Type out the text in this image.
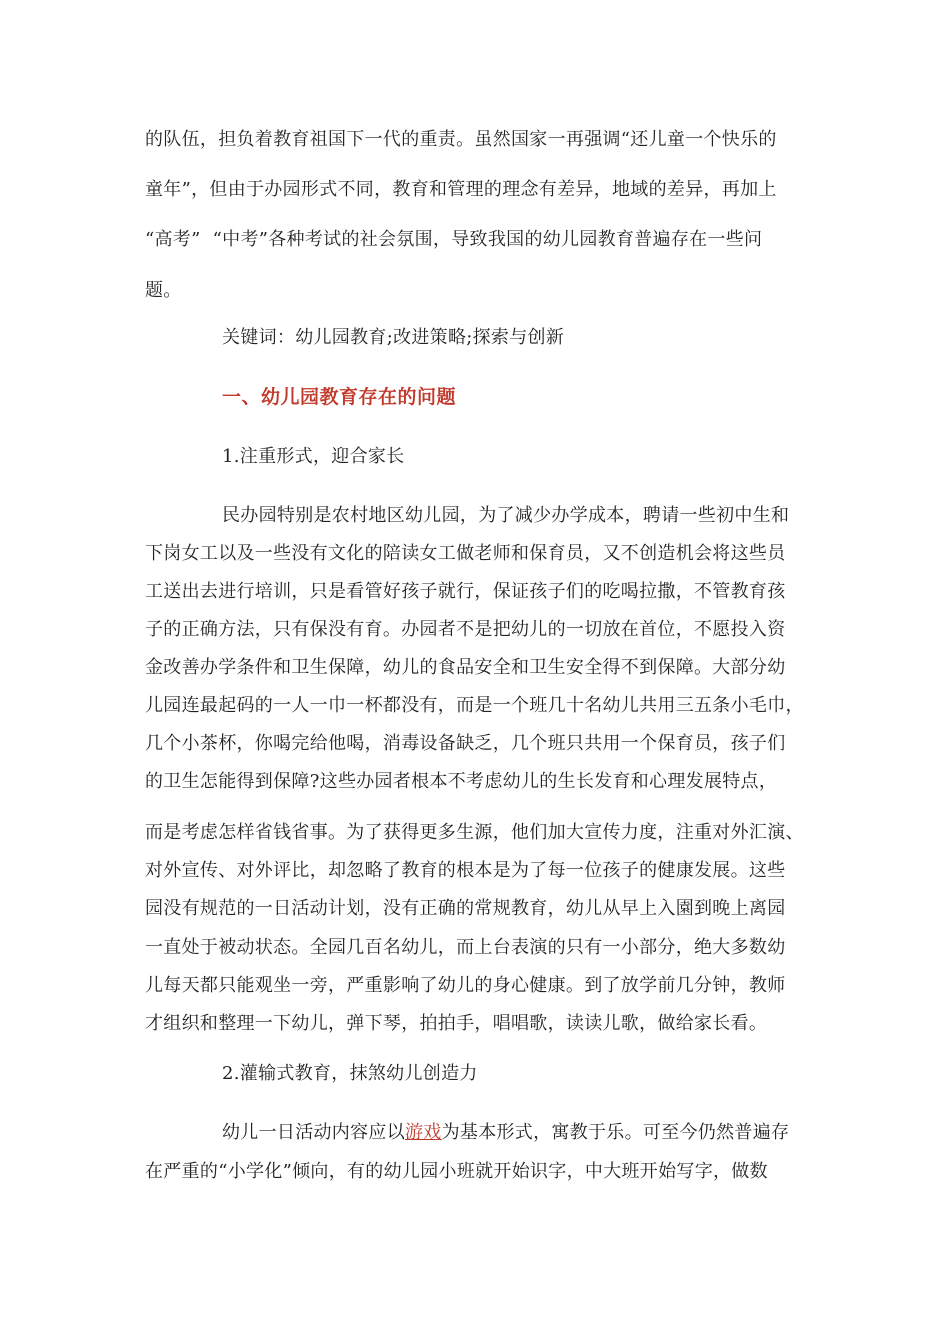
的队伍，担负着教育祖国下一代的重责。虽然国家一再强调“还儿童一个快乐的
童年”，但由于办园形式不同，教育和管理的理念有差异，地域的差异，再加上
“高考”  “中考”各种考试的社会氛围，导致我国的幼儿园教育普遍存在一些问
题。
关键词：幼儿园教育;改进策略;探索与创新
一、幼儿园教育存在的问题
1.注重形式，迎合家长
民办园特别是农村地区幼儿园，为了减少办学成本，聘请一些初中生和
下岗女工以及一些没有文化的陪读女工做老师和保育员，又不创造机会将这些员
工送出去进行培训，只是看管好孩子就行，保证孩子们的吃喝拉撒，不管教育孩
子的正确方法，只有保没有育。办园者不是把幼儿的一切放在首位，不愿投入资
金改善办学条件和卫生保障，幼儿的食品安全和卫生安全得不到保障。大部分幼
儿园连最起码的一人一巾一杯都没有，而是一个班几十名幼儿共用三五条小毛巾，
几个小茶杯，你喝完给他喝，消毒设备缺乏，几个班只共用一个保育员，孩子们
的卫生怎能得到保障?这些办园者根本不考虑幼儿的生长发育和心理发展特点，
而是考虑怎样省钱省事。为了获得更多生源，他们加大宣传力度，注重对外汇演、
对外宣传、对外评比，却忽略了教育的根本是为了每一位孩子的健康发展。这些
园没有规范的一日活动计划，没有正确的常规教育，幼儿从早上入園到晚上离园
一直处于被动状态。全园几百名幼儿，而上台表演的只有一小部分，绝大多数幼
儿每天都只能观坐一旁，严重影响了幼儿的身心健康。到了放学前几分钟，教师
才组织和整理一下幼儿，弹下琴，拍拍手，唱唱歌，读读儿歌，做给家长看。
2.灌输式教育，抹煞幼儿创造力
幼儿一日活动内容应以游戏为基本形式，寓教于乐。可至今仍然普遍存
在严重的“小学化”倾向，有的幼儿园小班就开始识字，中大班开始写字，做数
